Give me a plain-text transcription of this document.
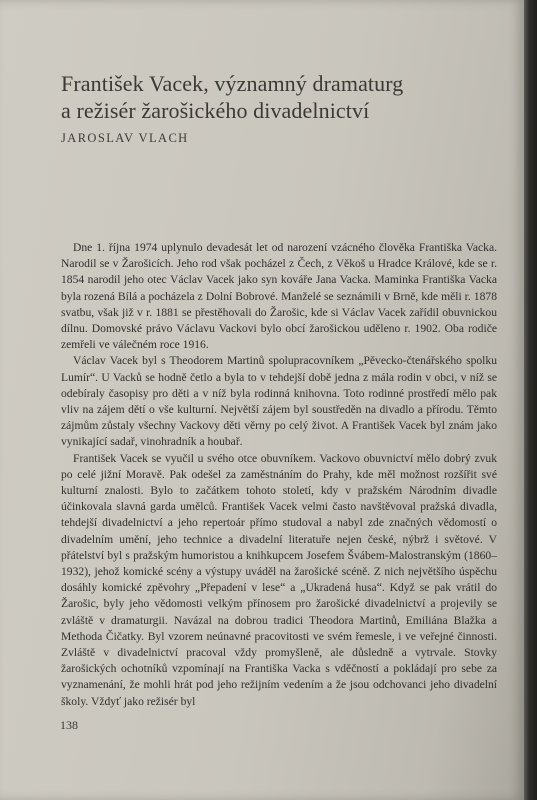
František Vacek, významný dramaturg
a režisér žarošického divadelnictví
JAROSLAV VLACH

Dne 1. října 1974 uplynulo devadesát let od narození vzácného člověka Františka Vacka. Narodil se v Žarošicích. Jeho rod však pocházel z Čech, z Věkoš u Hradce Králové, kde se r. 1854 narodil jeho otec Václav Vacek jako syn kováře Jana Vacka. Maminka Františka Vacka byla rozená Bílá a pocházela z Dolní Bobrové. Manželé se seznámili v Brně, kde měli r. 1878 svatbu, však již v r. 1881 se přestěhovali do Žarošic, kde si Václav Vacek zařídil obuvnickou dílnu. Domovské právo Václavu Vackovi bylo obcí žarošickou uděleno r. 1902. Oba rodiče zemřeli ve válečném roce 1916.

Václav Vacek byl s Theodorem Martinů spolupracovníkem „Pěvecko-čtenářského spolku Lumír“. U Vacků se hodně četlo a byla to v tehdejší době jedna z mála rodin v obci, v níž se odebíraly časopisy pro děti a v níž byla rodinná knihovna. Toto rodinné prostředí mělo pak vliv na zájem dětí o vše kulturní. Největší zájem byl soustředěn na divadlo a přírodu. Těmto zájmům zůstaly všechny Vackovy děti věrny po celý život. A František Vacek byl znám jako vynikající sadař, vinohradník a houbař.

František Vacek se vyučil u svého otce obuvníkem. Vackovo obuvnictví mělo dobrý zvuk po celé jižní Moravě. Pak odešel za zaměstnáním do Prahy, kde měl možnost rozšířit své kulturní znalosti. Bylo to začátkem tohoto století, kdy v pražském Národním divadle účinkovala slavná garda umělců. František Vacek velmi často navštěvoval pražská divadla, tehdejší divadelnictví a jeho repertoár přímo studoval a nabyl zde značných vědomostí o divadelním umění, jeho technice a divadelní literatuře nejen české, nýbrž i světové. V přátelství byl s pražským humoristou a knihkupcem Josefem Švábem-Malostranským (1860–1932), jehož komické scény a výstupy uváděl na žarošické scéně. Z nich největšího úspěchu dosáhly komické zpěvohry „Přepadení v lese“ a „Ukradená husa“. Když se pak vrátil do Žarošic, byly jeho vědomosti velkým přínosem pro žarošické divadelnictví a projevily se zvláště v dramaturgii. Navázal na dobrou tradici Theodora Martinů, Emiliána Blažka a Methoda Čičatky. Byl vzorem neúnavné pracovitosti ve svém řemesle, i ve veřejné činnosti. Zvláště v divadelnictví pracoval vždy promyšleně, ale důsledně a vytrvale. Stovky žarošických ochotníků vzpomínají na Františka Vacka s vděčností a pokládají pro sebe za vyznamenání, že mohli hrát pod jeho režijním vedením a že jsou odchovanci jeho divadelní školy. Vždyť jako režisér byl

138
